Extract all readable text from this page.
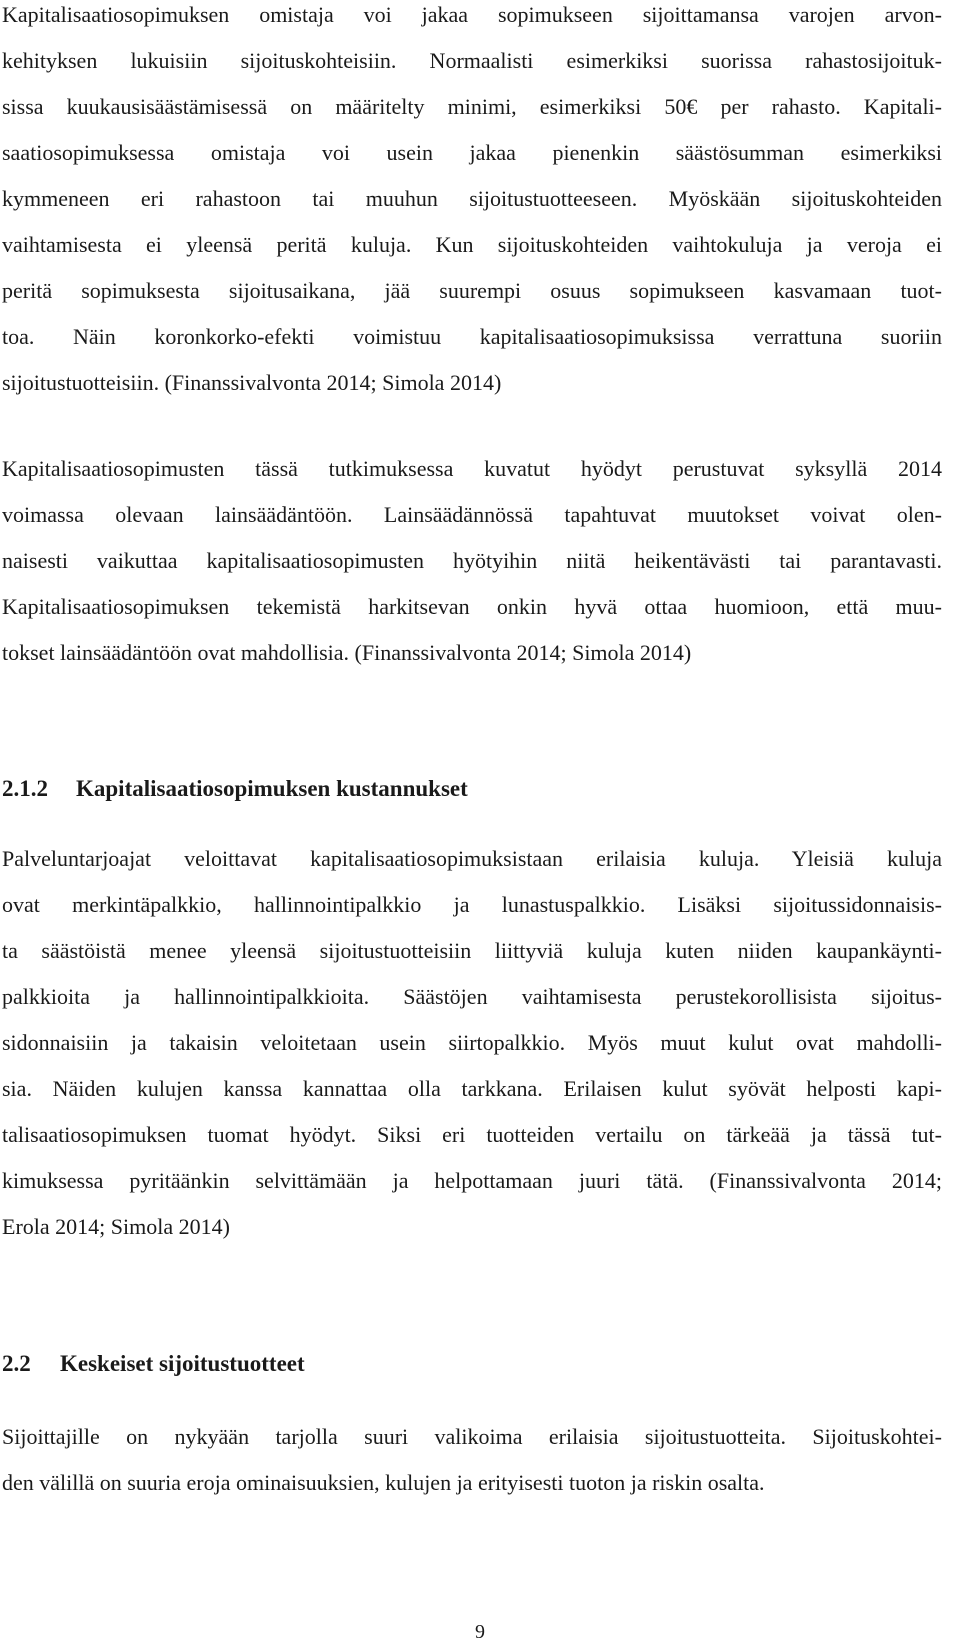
Kapitalisaatiosopimuksen omistaja voi jakaa sopimukseen sijoittamansa varojen arvon-
kehityksen lukuisiin sijoituskohteisiin. Normaalisti esimerkiksi suorissa rahastosijoituk-
sissa kuukausisäästämisessä on määritelty minimi, esimerkiksi 50€ per rahasto. Kapitali-
saatiosopimuksessa omistaja voi usein jakaa pienenkin säästösumman esimerkiksi
kymmeneen eri rahastoon tai muuhun sijoitustuotteeseen. Myöskään sijoituskohteiden
vaihtamisesta ei yleensä peritä kuluja. Kun sijoituskohteiden vaihtokuluja ja veroja ei
peritä sopimuksesta sijoitusaikana, jää suurempi osuus sopimukseen kasvamaan tuot-
toa. Näin koronkorko-efekti voimistuu kapitalisaatiosopimuksissa verrattuna suoriin
sijoitustuotteisiin. (Finanssivalvonta 2014; Simola 2014)
Kapitalisaatiosopimusten tässä tutkimuksessa kuvatut hyödyt perustuvat syksyllä 2014
voimassa olevaan lainsäädäntöön. Lainsäädännössä tapahtuvat muutokset voivat olen-
naisesti vaikuttaa kapitalisaatiosopimusten hyötyihin niitä heikentävästi tai parantavasti.
Kapitalisaatiosopimuksen tekemistä harkitsevan onkin hyvä ottaa huomioon, että muu-
tokset lainsäädäntöön ovat mahdollisia. (Finanssivalvonta 2014; Simola 2014)
2.1.2 Kapitalisaatiosopimuksen kustannukset
Palveluntarjoajat veloittavat kapitalisaatiosopimuksistaan erilaisia kuluja. Yleisiä kuluja
ovat merkintäpalkkio, hallinnointipalkkio ja lunastuspalkkio. Lisäksi sijoitussidonnaisis-
ta säästöistä menee yleensä sijoitustuotteisiin liittyviä kuluja kuten niiden kaupankäynti-
palkkioita ja hallinnointipalkkioita. Säästöjen vaihtamisesta perustekorollisista sijoitus-
sidonnaisiin ja takaisin veloitetaan usein siirtopalkkio. Myös muut kulut ovat mahdolli-
sia. Näiden kulujen kanssa kannattaa olla tarkkana. Erilaisen kulut syövät helposti kapi-
talisaatiosopimuksen tuomat hyödyt. Siksi eri tuotteiden vertailu on tärkeää ja tässä tut-
kimuksessa pyritäänkin selvittämään ja helpottamaan juuri tätä. (Finanssivalvonta 2014;
Erola 2014; Simola 2014)
2.2 Keskeiset sijoitustuotteet
Sijoittajille on nykyään tarjolla suuri valikoima erilaisia sijoitustuotteita. Sijoituskohtei-
den välillä on suuria eroja ominaisuuksien, kulujen ja erityisesti tuoton ja riskin osalta.
9
